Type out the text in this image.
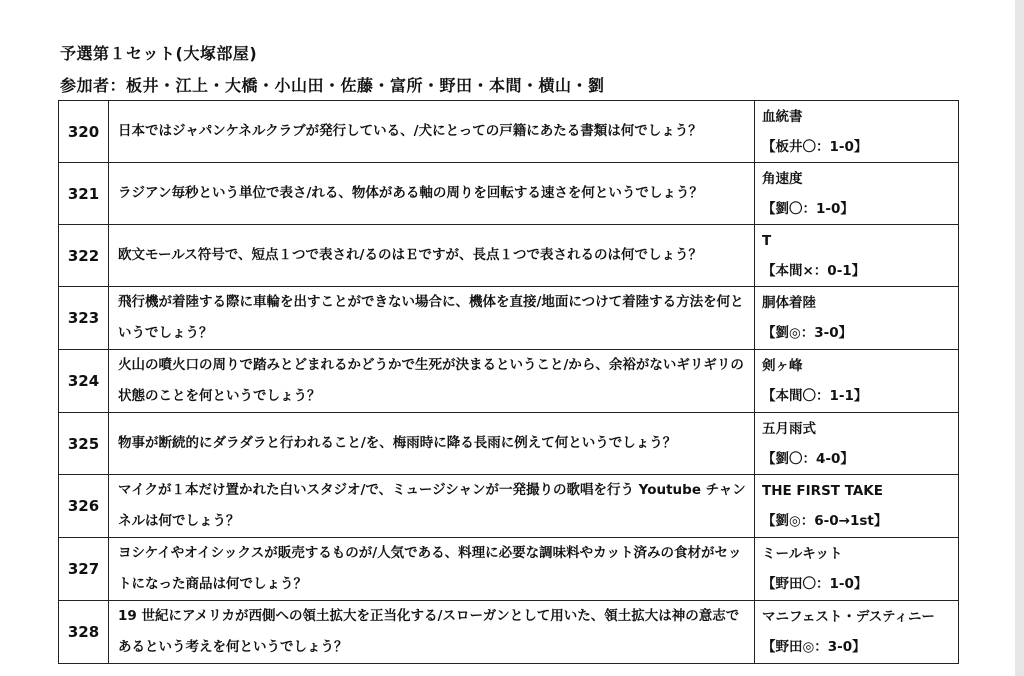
予選第１セット(大塚部屋)
参加者：板井・江上・大橋・小山田・佐藤・富所・野田・本間・横山・劉
320	日本ではジャパンケネルクラブが発行している、/犬にとっての戸籍にあたる書類は何でしょう？	血統書
【板井〇：1-0】

321	ラジアン毎秒という単位で表さ/れる、物体がある軸の周りを回転する速さを何というでしょう？	角速度
【劉〇：1-0】

322	欧文モールス符号で、短点１つで表され/るのはＥですが、長点１つで表されるのは何でしょう？	T
【本間×：0-1】

323	飛行機が着陸する際に車輪を出すことができない場合に、機体を直接/地面につけて着陸する方法を何というでしょう？	胴体着陸
【劉◎：3-0】

324	火山の噴火口の周りで踏みとどまれるかどうかで生死が決まるということ/から、余裕がないギリギリの状態のことを何というでしょう？	剣ヶ峰
【本間〇：1-1】

325	物事が断続的にダラダラと行われること/を、梅雨時に降る長雨に例えて何というでしょう？	五月雨式
【劉〇：4-0】

326	マイクが１本だけ置かれた白いスタジオ/で、ミュージシャンが一発撮りの歌唱を行う Youtube チャンネルは何でしょう？	THE FIRST TAKE
【劉◎：6-0→1st】

327	ヨシケイやオイシックスが販売するものが/人気である、料理に必要な調味料やカット済みの食材がセットになった商品は何でしょう？	ミールキット
【野田〇：1-0】

328	19 世紀にアメリカが西側への領土拡大を正当化する/スローガンとして用いた、領土拡大は神の意志であるという考えを何というでしょう？	マニフェスト・デスティニー
【野田◎：3-0】
